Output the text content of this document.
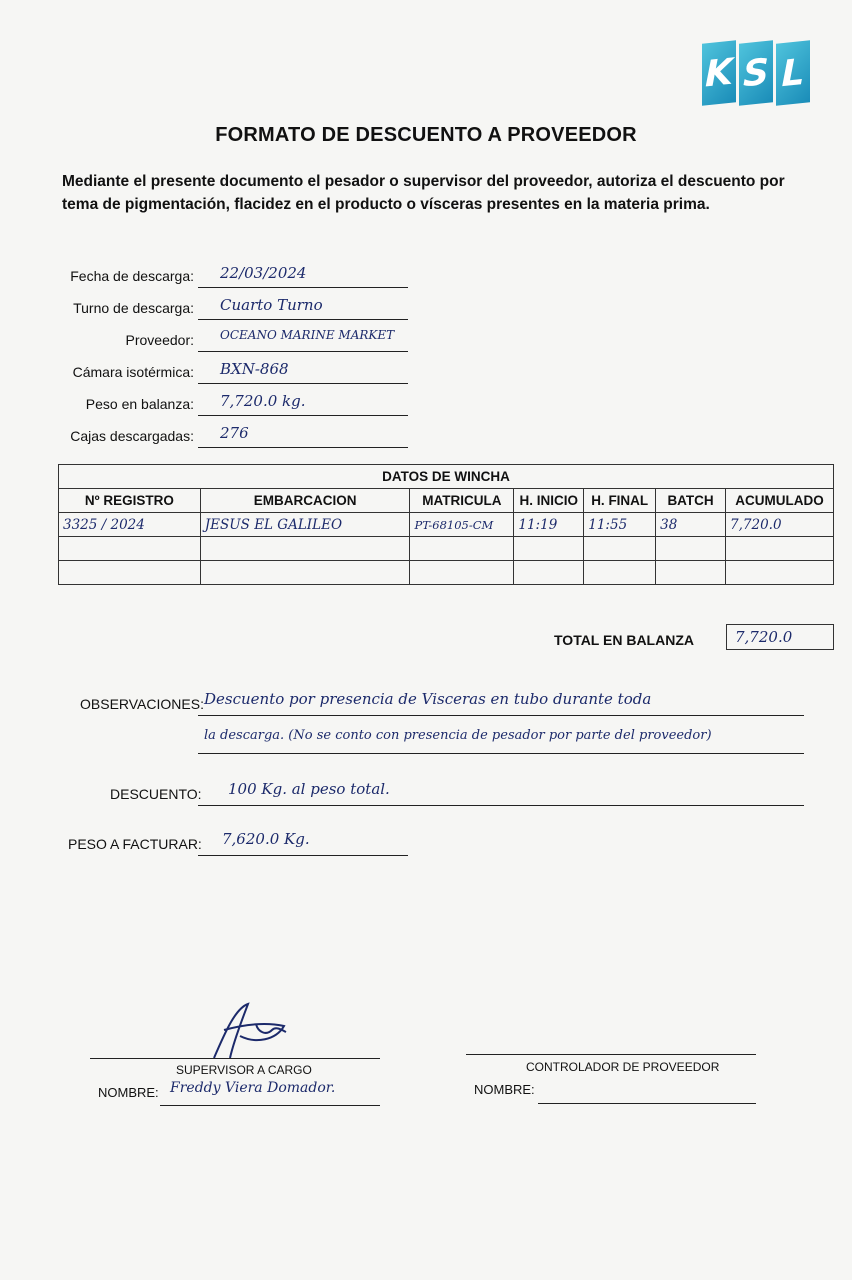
K S L
FORMATO DE DESCUENTO A PROVEEDOR
Mediante el presente documento el pesador o supervisor del proveedor, autoriza el descuento por tema de pigmentación, flacidez en el producto o vísceras presentes en la materia prima.
Fecha de descarga:	22/03/2024
Turno de descarga:	Cuarto Turno
Proveedor:	OCEANO MARINE MARKET
Cámara isotérmica:	BXN-868
Peso en balanza:	7,720.0 kg.
Cajas descargadas:	276
DATOS DE WINCHA						
Nº REGISTRO	EMBARCACION	MATRICULA	H. INICIO	H. FINAL	BATCH	ACUMULADO
3325 / 2024	JESUS EL GALILEO	PT-68105-CM	11:19	11:55	38	7,720.0

TOTAL EN BALANZA	7,720.0
OBSERVACIONES: Descuento por presencia de Visceras en tubo durante toda
la descarga. (No se conto con presencia de pesador por parte del proveedor)
DESCUENTO:	100 Kg. al peso total.
PESO A FACTURAR:	7,620.0 Kg.
SUPERVISOR A CARGO
NOMBRE: Freddy Viera Domador.
CONTROLADOR DE PROVEEDOR
NOMBRE:
